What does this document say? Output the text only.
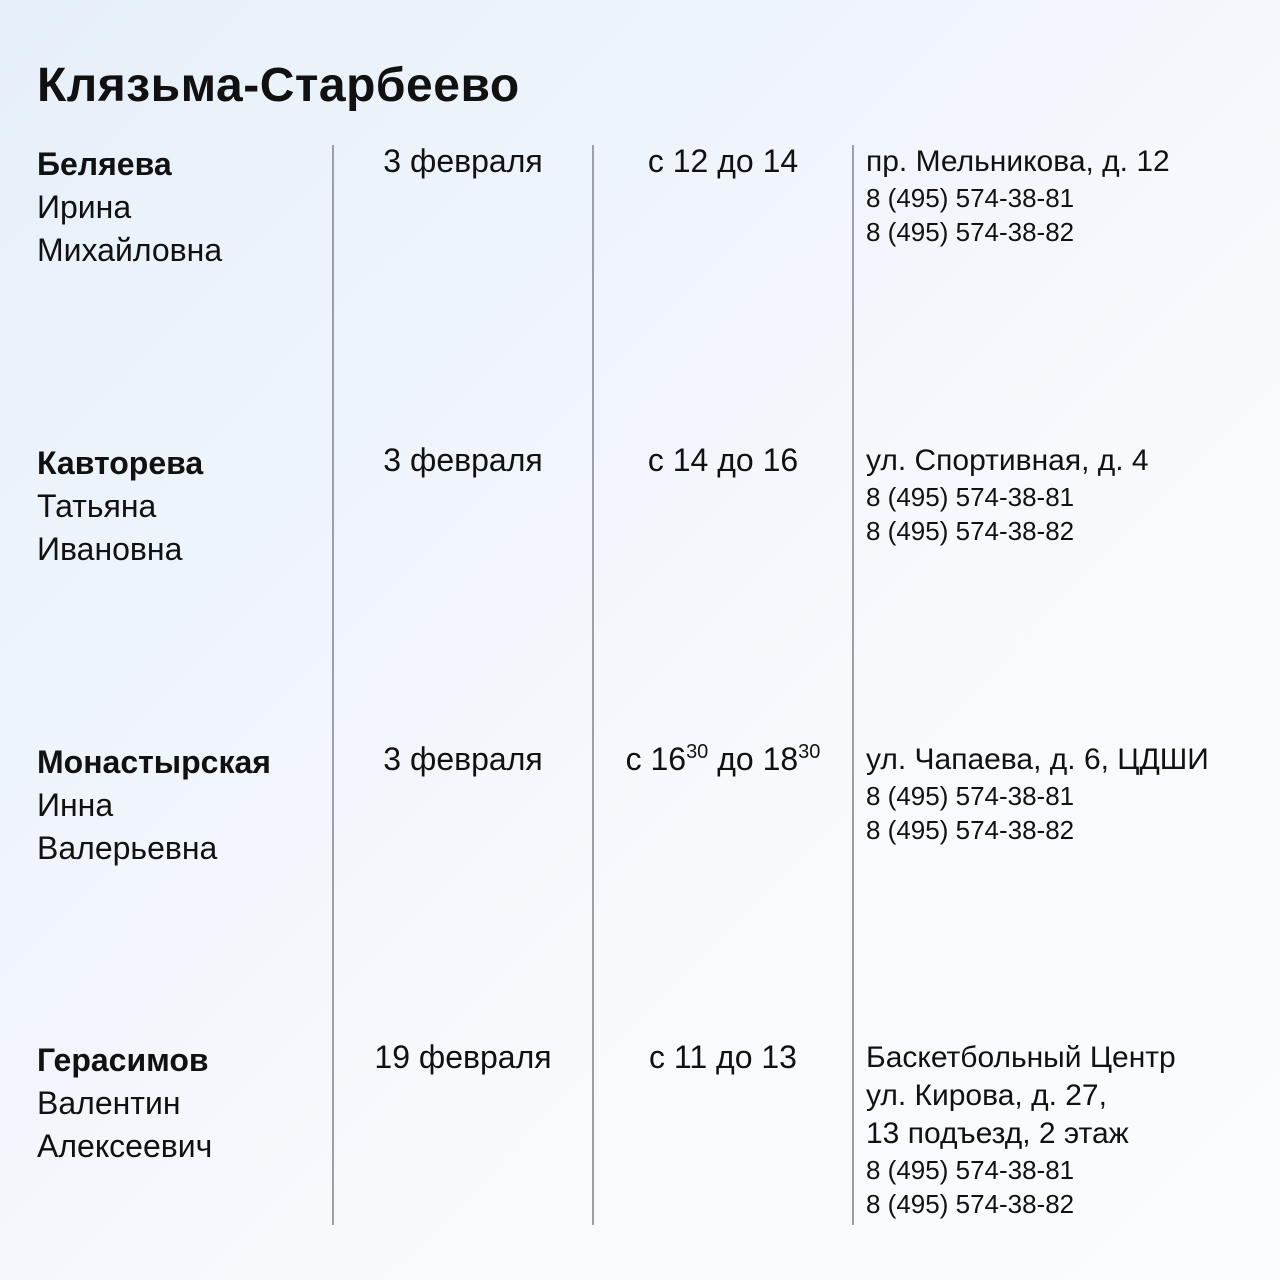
Клязьма-Старбеево
Беляева
Ирина
Михайловна
3 февраля	с 12 до 14	пр. Мельникова, д. 12
8 (495) 574-38-81
8 (495) 574-38-82
Кавторева
Татьяна
Ивановна
3 февраля	с 14 до 16	ул. Спортивная, д. 4
8 (495) 574-38-81
8 (495) 574-38-82
Монастырская
Инна
Валерьевна
3 февраля	с $16^{30}$ до $18^{30}$	ул. Чапаева, д. 6, ЦДШИ
8 (495) 574-38-81
8 (495) 574-38-82
Герасимов
Валентин
Алексеевич
19 февраля	с 11 до 13	Баскетбольный Центр
ул. Кирова, д. 27,
13 подъезд, 2 этаж
8 (495) 574-38-81
8 (495) 574-38-82
